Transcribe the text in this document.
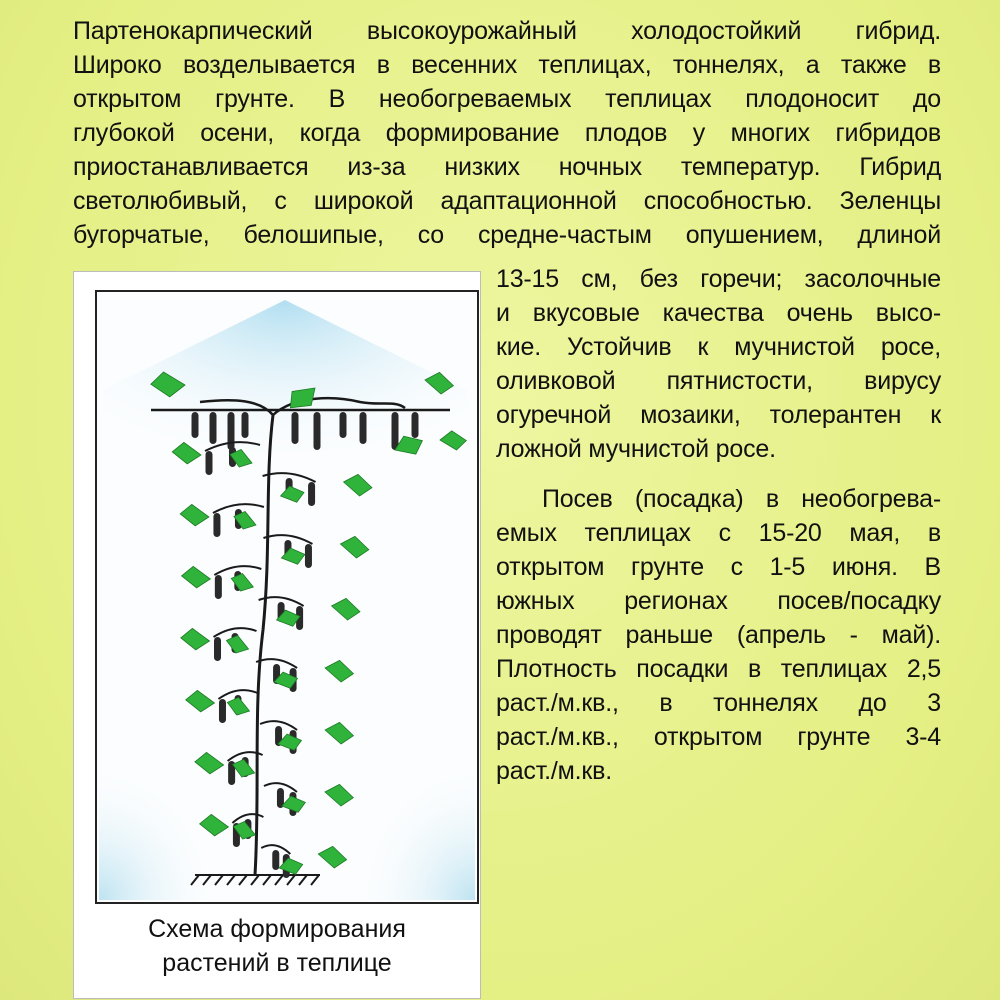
Партенокарпический высокоурожайный холодостойкий гибрид.
Широко возделывается в весенних теплицах, тоннелях, а также в
открытом грунте. В необогреваемых теплицах плодоносит до
глубокой осени, когда формирование плодов у многих гибридов
приостанавливается из-за низких ночных температур. Гибрид
светолюбивый, с широкой адаптационной способностью. Зеленцы
бугорчатые, белошипые, со средне-частым опушением, длиной
13-15 см, без горечи; засолочные
и вкусовые качества очень высо-
кие. Устойчив к мучнистой росе,
оливковой пятнистости, вирусу
огуречной мозаики, толерантен к
ложной мучнистой росе.
Посев (посадка) в необогрева-
емых теплицах с 15-20 мая, в
открытом грунте с 1-5 июня. В
южных регионах посев/посадку
проводят раньше (апрель - май).
Плотность посадки в теплицах 2,5
раст./м.кв., в тоннелях до 3
раст./м.кв., открытом грунте 3-4
раст./м.кв.
Схема формирования
растений в теплице
